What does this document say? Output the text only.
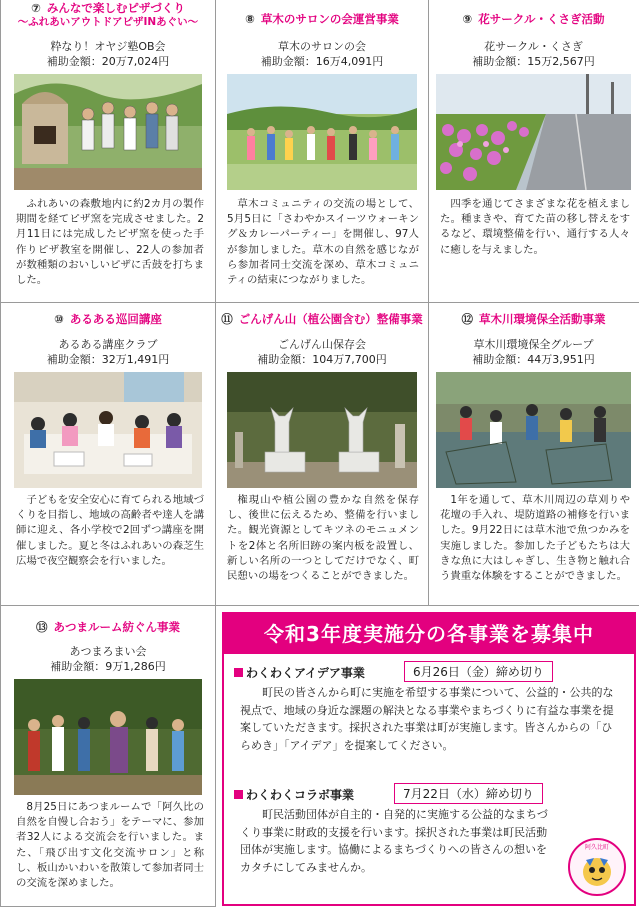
⑦ みんなで楽しむピザづくり
～ふれあいアウトドアピザINあぐい～
粋なり！オヤジ塾OB会
補助金額：20万7,024円
ふれあいの森敷地内に約2カ月の製作期間を経てピザ窯を完成させました。2月11日には完成したピザ窯を使った手作りピザ教室を開催し、22人の参加者が数種類のおいしいピザに舌鼓を打ちました。
⑧ 草木のサロンの会運営事業
草木のサロンの会
補助金額：16万4,091円
草木コミュニティの交流の場として、5月5日に「さわやかスイーツウォーキング＆カレーパーティー」を開催し、97人が参加しました。草木の自然を感じながら参加者同士交流を深め、草木コミュニティの結束につながりました。
⑨ 花サークル・くさぎ活動
花サークル・くさぎ
補助金額：15万2,567円
四季を通じてさまざまな花を植えました。種まきや、育てた苗の移し替えをするなど、環境整備を行い、通行する人々に癒しを与えました。
⑩ あるある巡回講座
あるある講座クラブ
補助金額：32万1,491円
子どもを安全安心に育てられる地域づくりを目指し、地域の高齢者や達人を講師に迎え、各小学校で2回ずつ講座を開催しました。夏と冬はふれあいの森芝生広場で夜空観察会を行いました。
⑪ ごんげん山（植公園含む）整備事業
ごんげん山保存会
補助金額：104万7,700円
権現山や植公園の豊かな自然を保存し、後世に伝えるため、整備を行いました。観光資源としてキツネのモニュメントを2体と名所旧跡の案内板を設置し、新しい名所の一つとしてだけでなく、町民憩いの場をつくることができました。
⑫ 草木川環境保全活動事業
草木川環境保全グループ
補助金額：44万3,951円
1年を通して、草木川周辺の草刈りや花壇の手入れ、堤防道路の補修を行いました。9月22日には草木池で魚つかみを実施しました。参加した子どもたちは大きな魚に大はしゃぎし、生き物と触れ合う貴重な体験をすることができました。
⑬ あつまルーム紡ぐん事業
あつまろまい会
補助金額：9万1,286円
8月25日にあつまルームで「阿久比の自然を自慢し合おう」をテーマに、参加者32人による交流会を行いました。また、「飛び出す文化交流サロン」と称し、板山かいわいを散策して参加者同士の交流を深めました。
令和3年度実施分の各事業を募集中
わくわくアイデア事業	6月26日（金）締め切り
町民の皆さんから町に実施を希望する事業について、公益的・公共的な視点で、地域の身近な課題の解決となる事業やまちづくりに有益な事業を提案していただきます。採択された事業は町が実施します。皆さんからの「ひらめき」「アイデア」を提案してください。
わくわくコラボ事業	7月22日（水）締め切り
町民活動団体が自主的・自発的に実施する公益的なまちづくり事業に財政的支援を行います。採択された事業は町民活動団体が実施します。協働によるまちづくりへの皆さんの想いをカタチにしてみませんか。
阿久比町
